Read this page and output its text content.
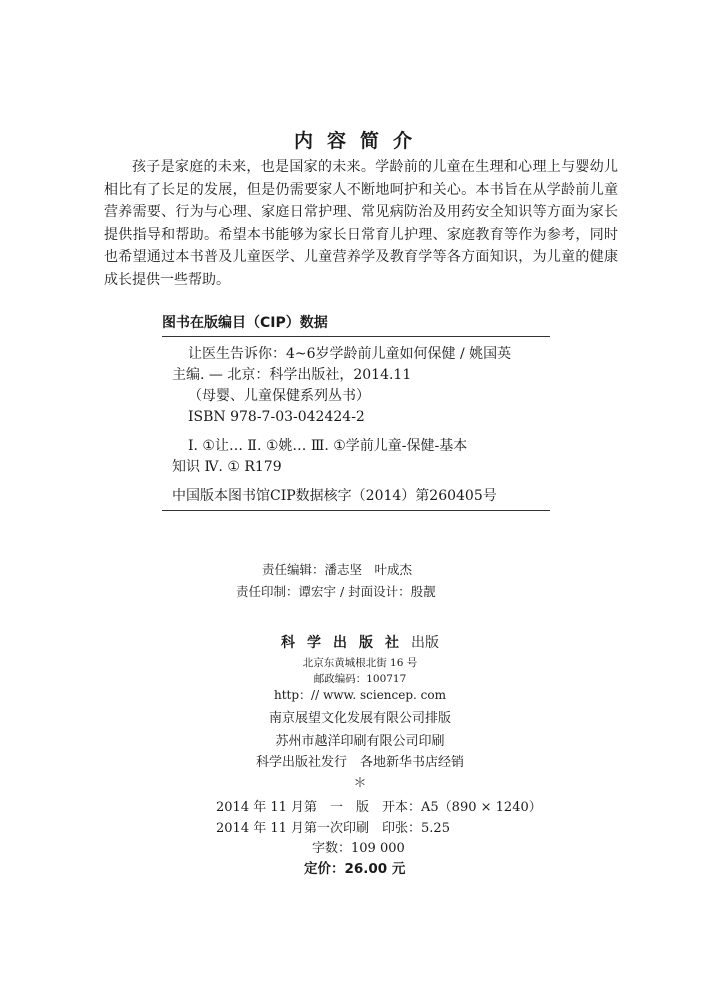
内容简介

孩子是家庭的未来，也是国家的未来。学龄前的儿童在生理和心理上与婴幼儿相比有了长足的发展，但是仍需要家人不断地呵护和关心。本书旨在从学龄前儿童营养需要、行为与心理、家庭日常护理、常见病防治及用药安全知识等方面为家长提供指导和帮助。希望本书能够为家长日常育儿护理、家庭教育等作为参考，同时也希望通过本书普及儿童医学、儿童营养学及教育学等各方面知识，为儿童的健康成长提供一些帮助。

图书在版编目（CIP）数据
让医生告诉你：4~6岁学龄前儿童如何保健 / 姚国英
主编. — 北京：科学出版社，2014.11
（母婴、儿童保健系列丛书）
ISBN 978-7-03-042424-2
Ⅰ. ①让… Ⅱ. ①姚… Ⅲ. ①学前儿童-保健-基本
知识 Ⅳ. ① R179
中国版本图书馆CIP数据核字（2014）第260405号
责任编辑：潘志坚　叶成杰
责任印制：谭宏宇 / 封面设计：殷靓
科学出版社出版
北京东黄城根北街 16 号
邮政编码：100717
http：// www. sciencep. com
南京展望文化发展有限公司排版
苏州市越洋印刷有限公司印刷
科学出版社发行　各地新华书店经销
＊
2014 年 11 月第　一　版　开本：A5（890 × 1240）
2014 年 11 月第一次印刷　印张：5.25
字数：109 000
定价：26.00 元
